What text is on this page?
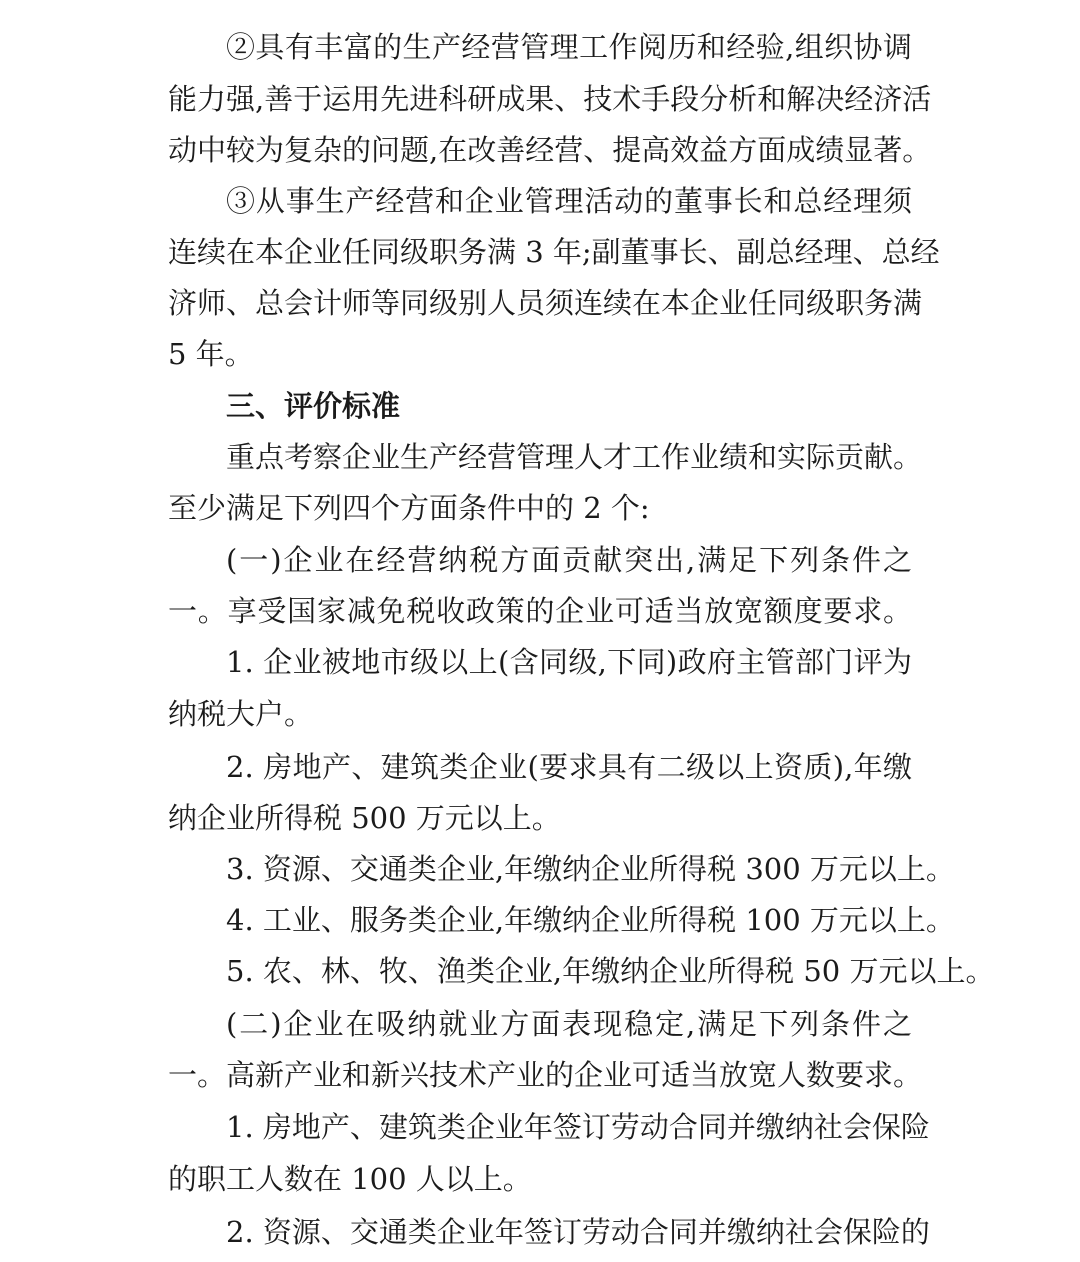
②具有丰富的生产经营管理工作阅历和经验,组织协调
能力强,善于运用先进科研成果、技术手段分析和解决经济活
动中较为复杂的问题,在改善经营、提高效益方面成绩显著。
③从事生产经营和企业管理活动的董事长和总经理须
连续在本企业任同级职务满 3 年;副董事长、副总经理、总经
济师、总会计师等同级别人员须连续在本企业任同级职务满
5 年。
三、评价标准
重点考察企业生产经营管理人才工作业绩和实际贡献。
至少满足下列四个方面条件中的 2 个:
(一)企业在经营纳税方面贡献突出,满足下列条件之
一。享受国家减免税收政策的企业可适当放宽额度要求。
1. 企业被地市级以上(含同级,下同)政府主管部门评为
纳税大户。
2. 房地产、建筑类企业(要求具有二级以上资质),年缴
纳企业所得税 500 万元以上。
3. 资源、交通类企业,年缴纳企业所得税 300 万元以上。
4. 工业、服务类企业,年缴纳企业所得税 100 万元以上。
5. 农、林、牧、渔类企业,年缴纳企业所得税 50 万元以上。
(二)企业在吸纳就业方面表现稳定,满足下列条件之
一。高新产业和新兴技术产业的企业可适当放宽人数要求。
1. 房地产、建筑类企业年签订劳动合同并缴纳社会保险
的职工人数在 100 人以上。
2. 资源、交通类企业年签订劳动合同并缴纳社会保险的
